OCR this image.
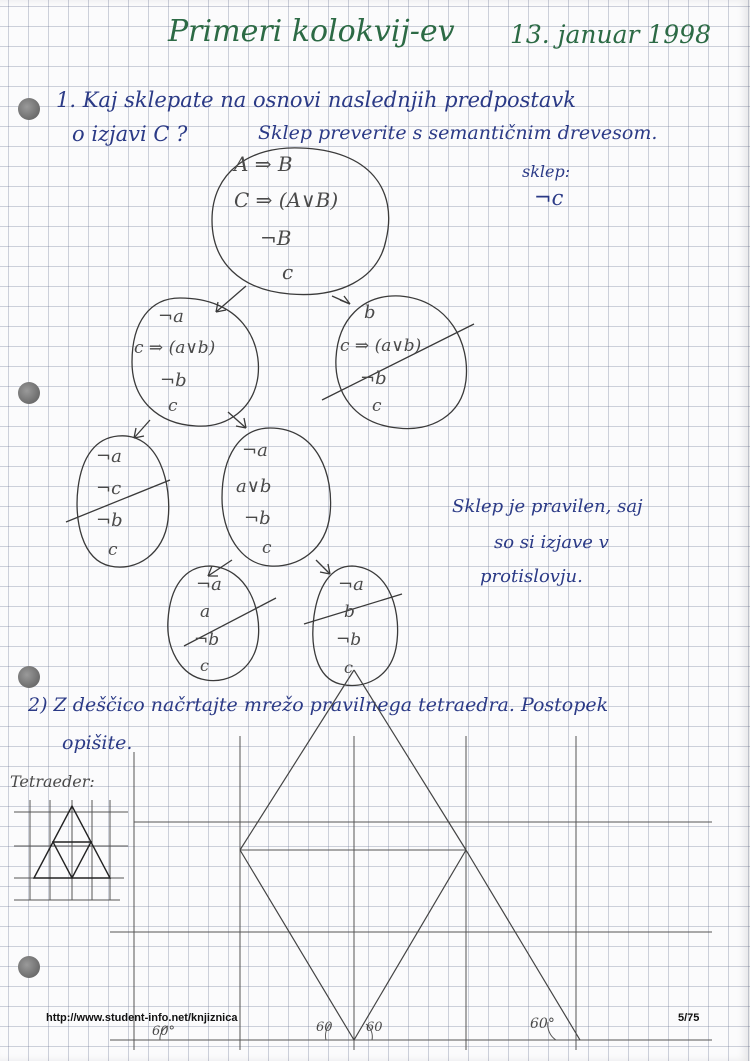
Primeri kolokvij-ev 13. januar 1998
1. Kaj sklepate na osnovi naslednjih predpostavk
o izjavi C ?	Sklep preverite s semantičnim drevesom.
sklep:
¬c
A ⇒ B
C ⇒ (A∨B)
¬B
c
¬a
c ⇒ (a∨b)
¬b
c
b
c ⇒ (a∨b)
¬b
c
¬a
¬c
¬b
c
¬a
a∨b
¬b
c
¬a
a
¬b
c
¬a
b
¬b
c
Sklep je pravilen, saj
so si izjave v
protislovju.
2) Z deščico načrtajte mrežo pravilnega tetraedra. Postopek
opišite.
Tetraeder:
60°	60	60	60°
http://www.student-info.net/knjiznica	5/75
